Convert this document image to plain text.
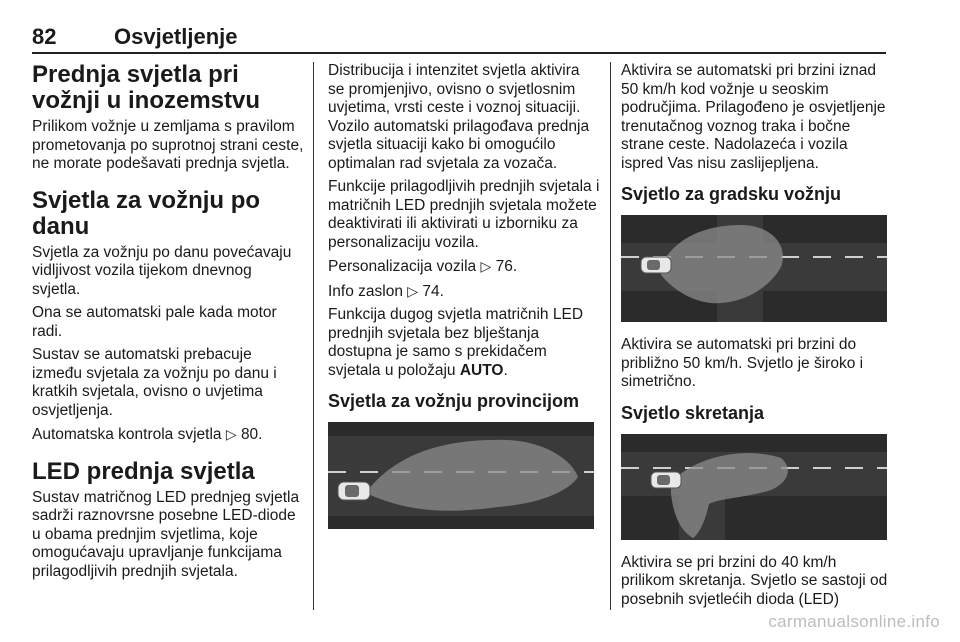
82	Osvjetljenje
Prednja svjetla pri vožnji u inozemstvu

Prilikom vožnje u zemljama s pravilom prometovanja po suprotnoj strani ceste, ne morate podešavati prednja svjetla.

Svjetla za vožnju po danu

Svjetla za vožnju po danu povećavaju vidljivost vozila tijekom dnevnog svjetla.

Ona se automatski pale kada motor radi.

Sustav se automatski prebacuje između svjetala za vožnju po danu i kratkih svjetala, ovisno o uvjetima osvjetljenja.

Automatska kontrola svjetla ▷ 80.

LED prednja svjetla

Sustav matričnog LED prednjeg svjetla sadrži raznovrsne posebne LED-diode u obama prednjim svjetlima, koje omogućavaju upravljanje funkcijama prilagodljivih prednjih svjetala.

Distribucija i intenzitet svjetla aktivira se promjenjivo, ovisno o svjetlosnim uvjetima, vrsti ceste i voznoj situaciji. Vozilo automatski prilagođava prednja svjetla situaciji kako bi omogućilo optimalan rad svjetala za vozača.

Funkcije prilagodljivih prednjih svjetala i matričnih LED prednjih svjetala možete deaktivirati ili aktivirati u izborniku za personalizaciju vozila.

Personalizacija vozila ▷ 76.

Info zaslon ▷ 74.

Funkcija dugog svjetla matričnih LED prednjih svjetala bez blještanja dostupna je samo s prekidačem svjetala u položaju AUTO.

Svjetla za vožnju provincijom

Aktivira se automatski pri brzini iznad 50 km/h kod vožnje u seoskim područjima. Prilagođeno je osvjetljenje trenutačnog voznog traka i bočne strane ceste. Nadolazeća i vozila ispred Vas nisu zaslijepljena.

Svjetlo za gradsku vožnju

Aktivira se automatski pri brzini do približno 50 km/h. Svjetlo je široko i simetrično.

Svjetlo skretanja

Aktivira se pri brzini do 40 km/h prilikom skretanja. Svjetlo se sastoji od posebnih svjetlećih dioda (LED)

carmanualsonline.info
